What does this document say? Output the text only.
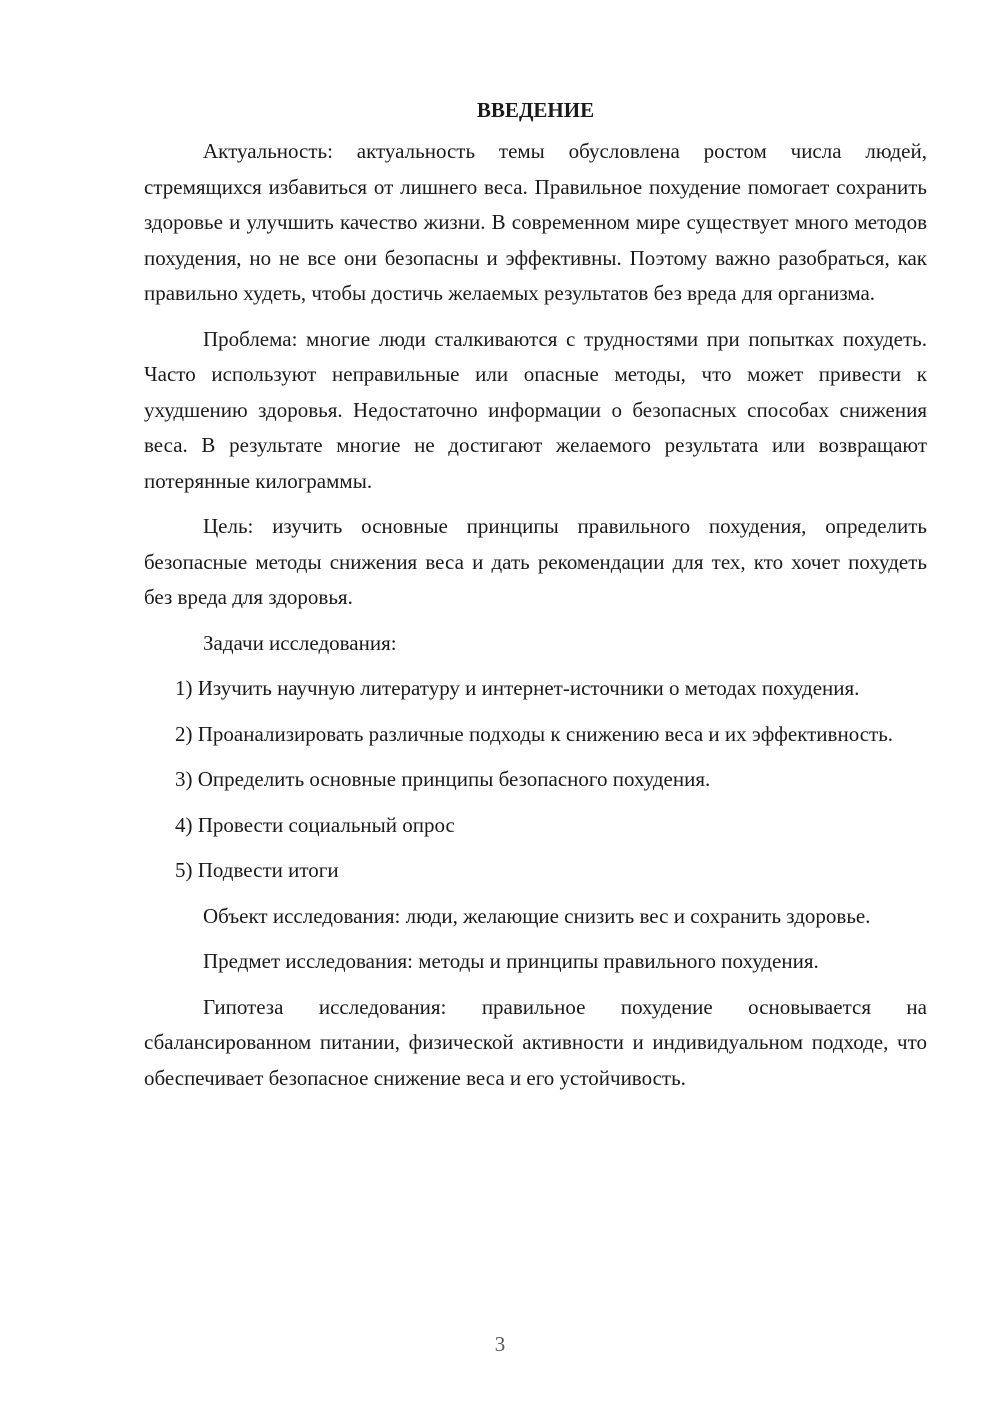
ВВЕДЕНИЕ

Актуальность: актуальность темы обусловлена ростом числа людей, стремящихся избавиться от лишнего веса. Правильное похудение помогает сохранить здоровье и улучшить качество жизни. В современном мире существует много методов похудения, но не все они безопасны и эффективны. Поэтому важно разобраться, как правильно худеть, чтобы достичь желаемых результатов без вреда для организма.

Проблема: многие люди сталкиваются с трудностями при попытках похудеть. Часто используют неправильные или опасные методы, что может привести к ухудшению здоровья. Недостаточно информации о безопасных способах снижения веса. В результате многие не достигают желаемого результата или возвращают потерянные килограммы.

Цель: изучить основные принципы правильного похудения, определить безопасные методы снижения веса и дать рекомендации для тех, кто хочет похудеть без вреда для здоровья.

Задачи исследования:

1) Изучить научную литературу и интернет-источники о методах похудения.

2) Проанализировать различные подходы к снижению веса и их эффективность.

3) Определить основные принципы безопасного похудения.

4) Провести социальный опрос

5) Подвести итоги

Объект исследования: люди, желающие снизить вес и сохранить здоровье.

Предмет исследования: методы и принципы правильного похудения.

Гипотеза исследования: правильное похудение основывается на сбалансированном питании, физической активности и индивидуальном подходе, что обеспечивает безопасное снижение веса и его устойчивость.

3
